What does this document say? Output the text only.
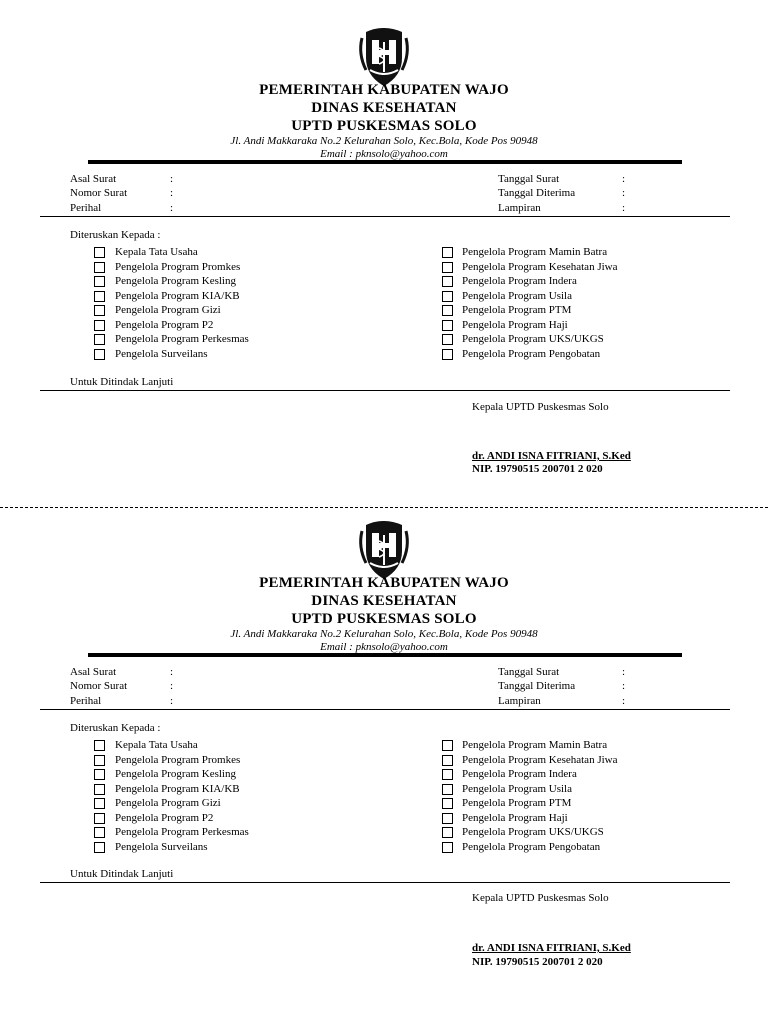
PEMERINTAH KABUPATEN WAJO
DINAS KESEHATAN
UPTD PUSKESMAS SOLO
Jl. Andi Makkaraka No.2 Kelurahan Solo, Kec.Bola, Kode Pos 90948
Email : pknsolo@yahoo.com
Asal Surat	:
Nomor Surat	:
Perihal	:
Tanggal Surat	:
Tanggal Diterima	:
Lampiran	:
Diteruskan Kepada :
Kepala Tata Usaha
Pengelola Program Promkes
Pengelola Program Kesling
Pengelola Program KIA/KB
Pengelola Program Gizi
Pengelola Program P2
Pengelola Program Perkesmas
Pengelola Surveilans
Pengelola Program Mamin Batra
Pengelola Program Kesehatan Jiwa
Pengelola Program Indera
Pengelola Program Usila
Pengelola Program PTM
Pengelola Program Haji
Pengelola Program UKS/UKGS
Pengelola Program Pengobatan
Untuk Ditindak Lanjuti
Kepala UPTD Puskesmas Solo
dr. ANDI ISNA FITRIANI, S.Ked
NIP. 19790515 200701 2 020
PEMERINTAH KABUPATEN WAJO
DINAS KESEHATAN
UPTD PUSKESMAS SOLO
Jl. Andi Makkaraka No.2 Kelurahan Solo, Kec.Bola, Kode Pos 90948
Email : pknsolo@yahoo.com
Asal Surat	:
Nomor Surat	:
Perihal	:
Tanggal Surat	:
Tanggal Diterima	:
Lampiran	:
Diteruskan Kepada :
Kepala Tata Usaha
Pengelola Program Promkes
Pengelola Program Kesling
Pengelola Program KIA/KB
Pengelola Program Gizi
Pengelola Program P2
Pengelola Program Perkesmas
Pengelola Surveilans
Pengelola Program Mamin Batra
Pengelola Program Kesehatan Jiwa
Pengelola Program Indera
Pengelola Program Usila
Pengelola Program PTM
Pengelola Program Haji
Pengelola Program UKS/UKGS
Pengelola Program Pengobatan
Untuk Ditindak Lanjuti
Kepala UPTD Puskesmas Solo
dr. ANDI ISNA FITRIANI, S.Ked
NIP. 19790515 200701 2 020
